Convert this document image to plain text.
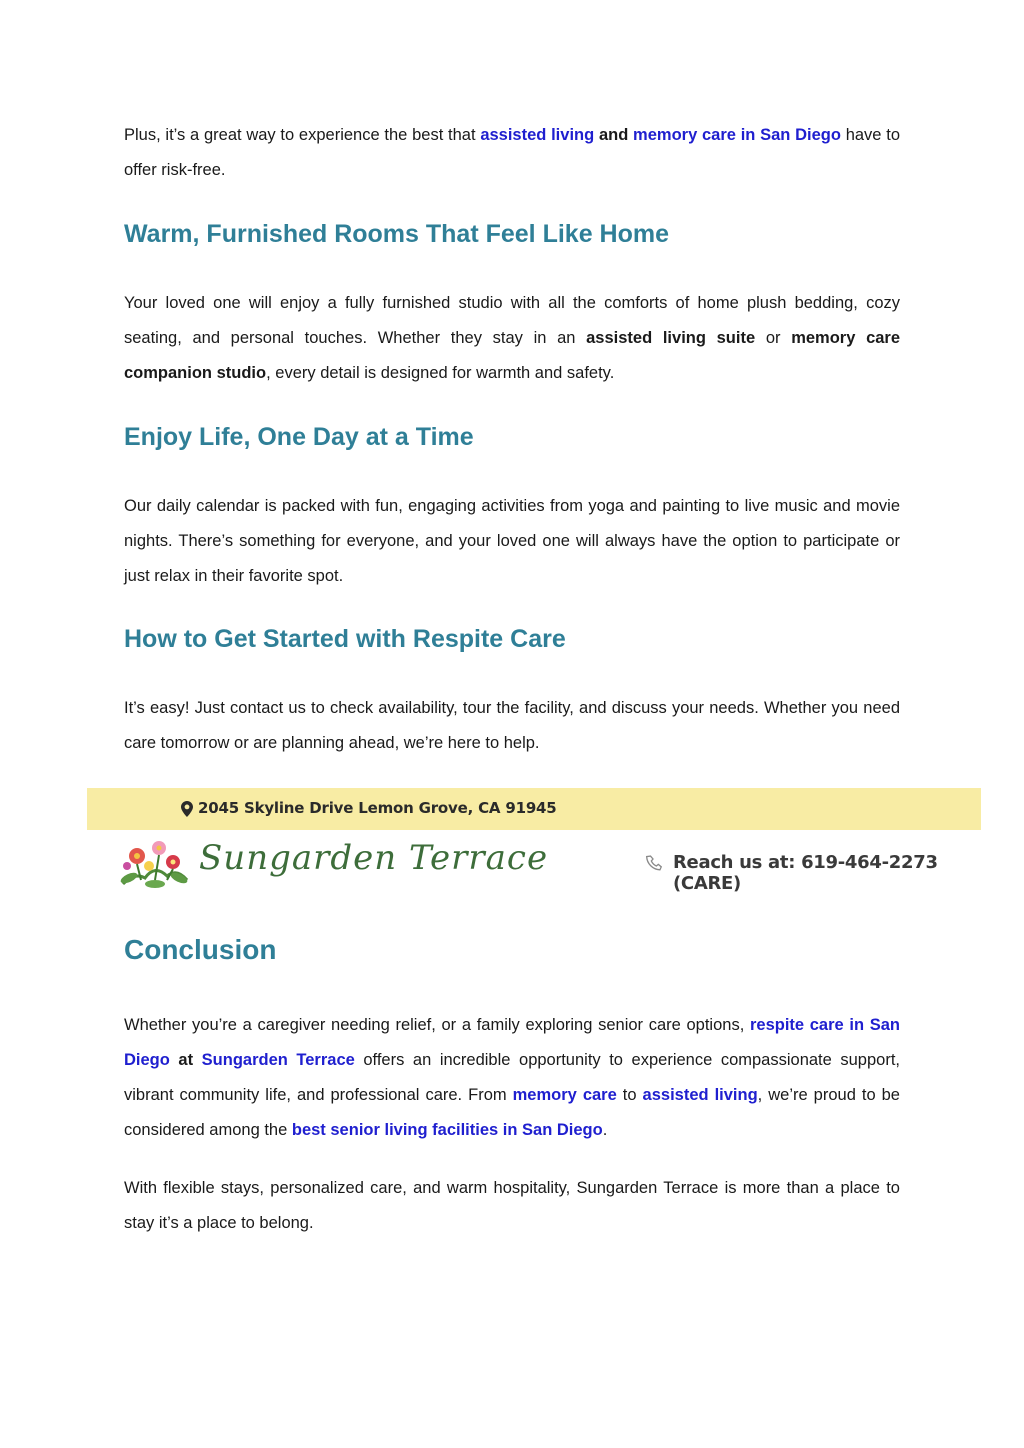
Plus, it’s a great way to experience the best that assisted living and memory care in San Diego have to offer risk-free.

Warm, Furnished Rooms That Feel Like Home

Your loved one will enjoy a fully furnished studio with all the comforts of home plush bedding, cozy seating, and personal touches. Whether they stay in an assisted living suite or memory care companion studio, every detail is designed for warmth and safety.

Enjoy Life, One Day at a Time

Our daily calendar is packed with fun, engaging activities from yoga and painting to live music and movie nights. There’s something for everyone, and your loved one will always have the option to participate or just relax in their favorite spot.

How to Get Started with Respite Care

It’s easy! Just contact us to check availability, tour the facility, and discuss your needs. Whether you need care tomorrow or are planning ahead, we’re here to help.

2045 Skyline Drive Lemon Grove, CA 91945
Sungarden Terrace	Reach us at: 619-464-2273 (CARE)
Conclusion

Whether you’re a caregiver needing relief, or a family exploring senior care options, respite care in San Diego at Sungarden Terrace offers an incredible opportunity to experience compassionate support, vibrant community life, and professional care. From memory care to assisted living, we’re proud to be considered among the best senior living facilities in San Diego.

With flexible stays, personalized care, and warm hospitality, Sungarden Terrace is more than a place to stay it’s a place to belong.
